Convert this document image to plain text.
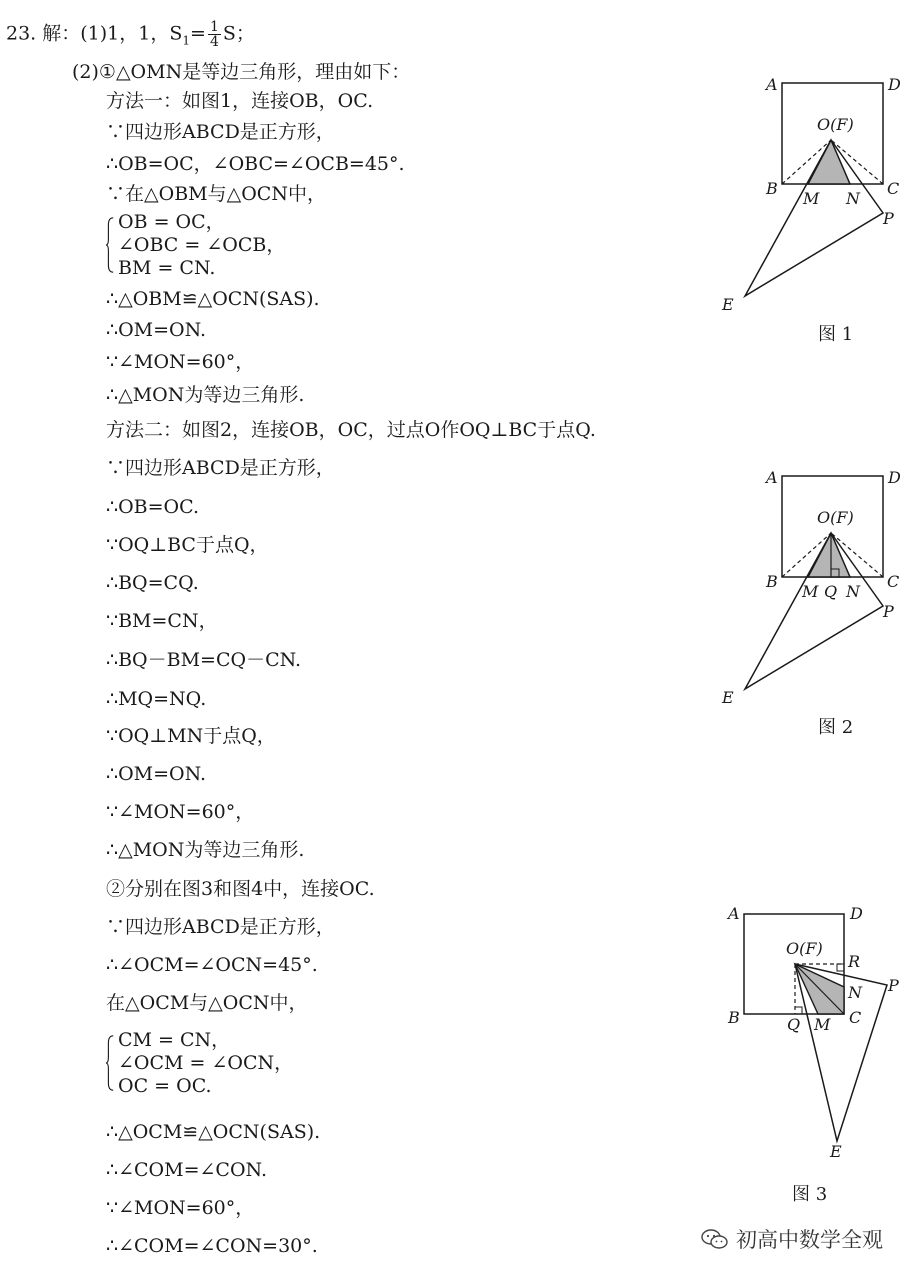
23. 解：(1)1，1，$S_1= \frac{1}{4}$ S；
(2)①△OMN是等边三角形，理由如下：
方法一：如图1，连接OB，OC.
∵四边形ABCD是正方形，
∴OB=OC，∠OBC=∠OCB=45°.
∵在△OBM与△OCN中，
OB = OC，
∠OBC = ∠OCB，
BM = CN.
∴△OBM≌△OCN(SAS).
∴OM=ON.
∵∠MON=60°，
∴△MON为等边三角形.
方法二：如图2，连接OB，OC，过点O作OQ⊥BC于点Q.
∵四边形ABCD是正方形，
∴OB=OC.
∵OQ⊥BC于点Q，
∴BQ=CQ.
∵BM=CN，
∴BQ－BM=CQ－CN.
∴MQ=NQ.
∵OQ⊥MN于点Q，
∴OM=ON.
∵∠MON=60°，
∴△MON为等边三角形.
②分别在图3和图4中，连接OC.
∵四边形ABCD是正方形，
∴∠OCM=∠OCN=45°.
在△OCM与△OCN中，
CM = CN，
∠OCM = ∠OCN，
OC = OC.
∴△OCM≌△OCN(SAS).
∴∠COM=∠CON.
∵∠MON=60°，
∴∠COM=∠CON=30°.
A	D
O(F)
B	C
M N
P
E
图 1
A	D
O(F)
B	C
M Q N
P
E
图 2
A	D
O(F)
R
N P
B	Q M C
E
图 3
初高中数学全观
